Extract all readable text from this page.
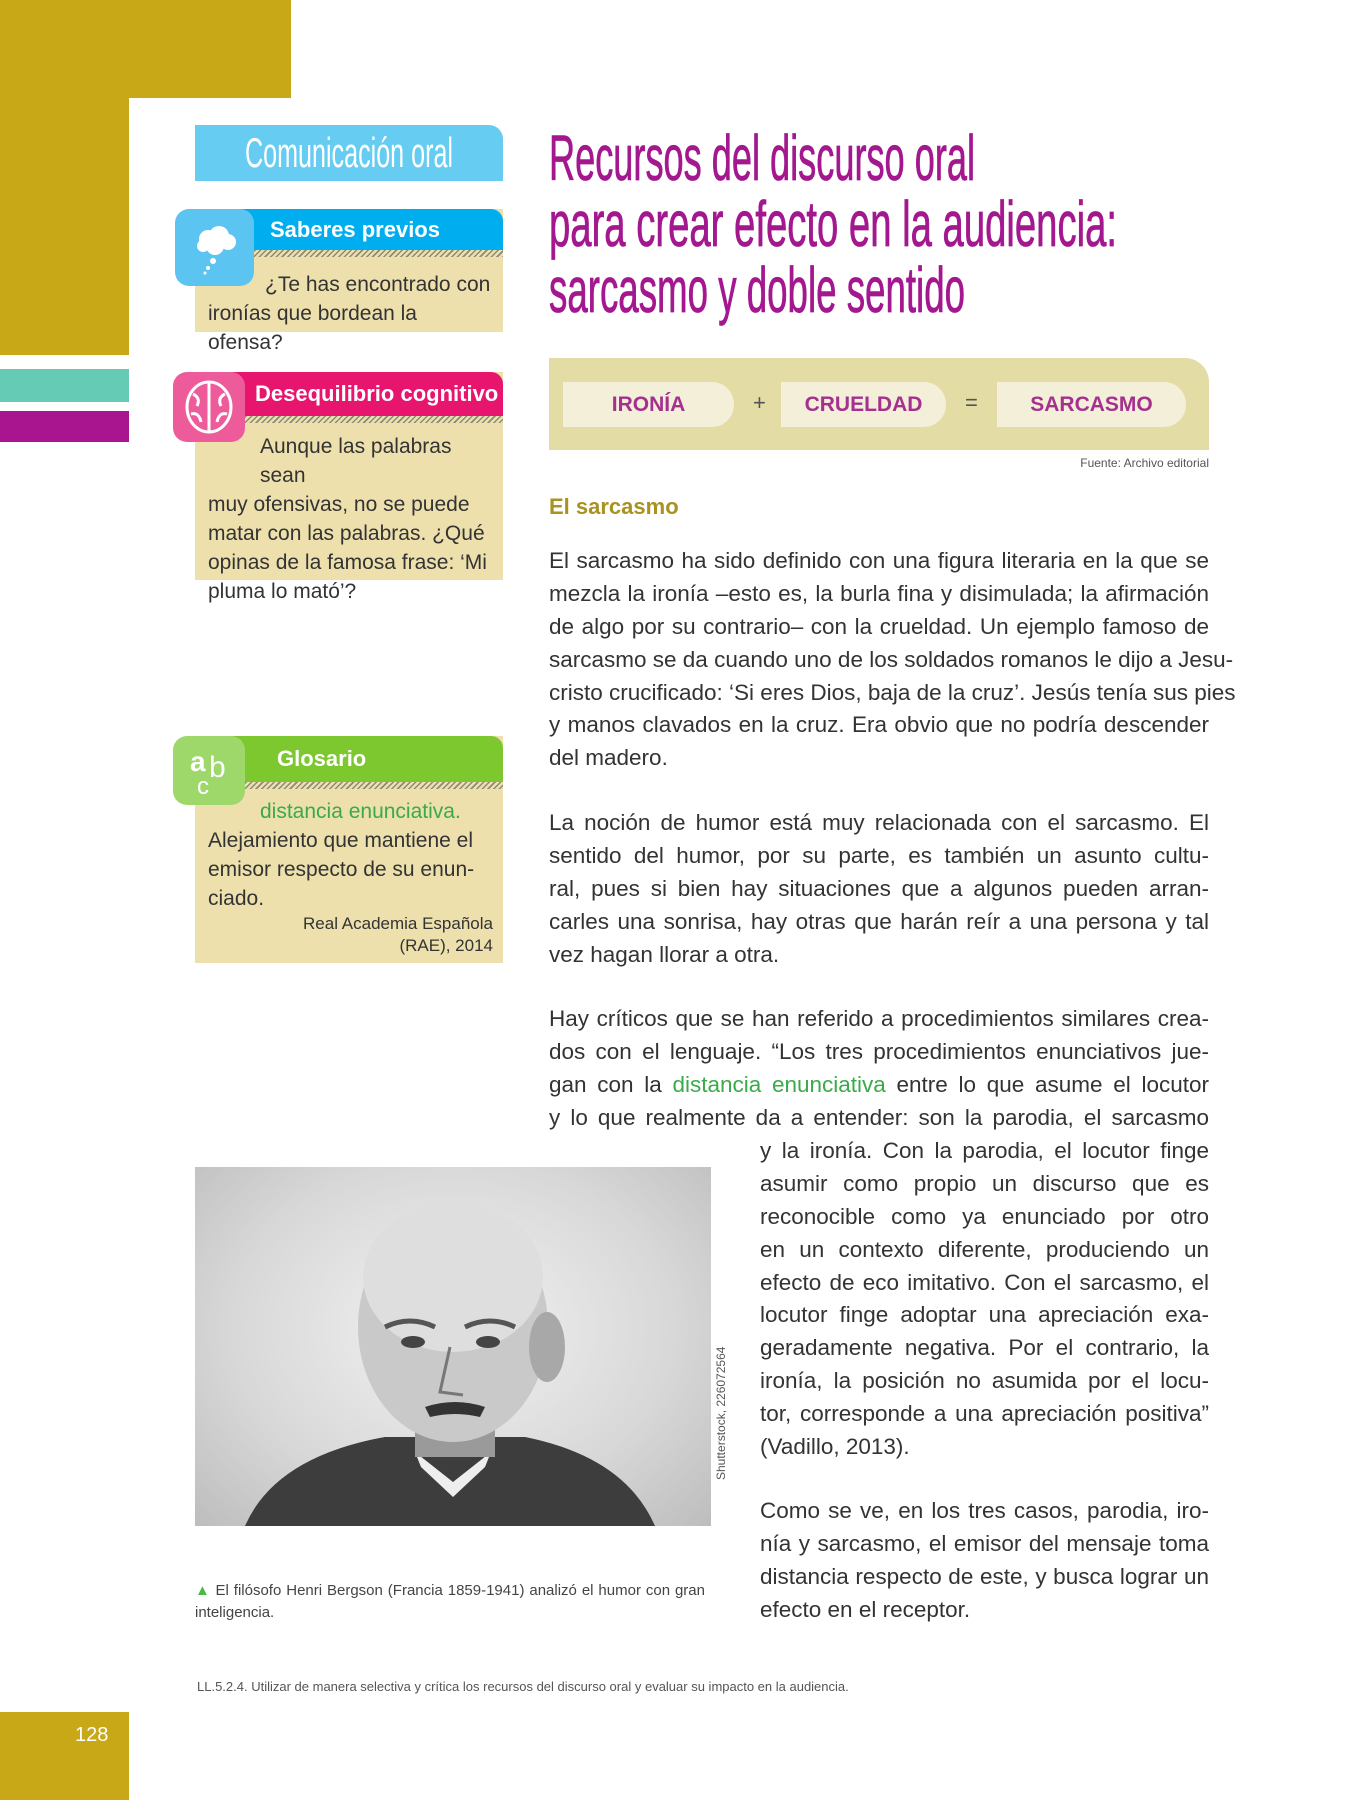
128
Comunicación oral
Saberes previos
¿Te has encontrado con
ironías que bordean la ofensa?
Desequilibrio cognitivo
Aunque las palabras sean
muy ofensivas, no se puede
matar con las palabras. ¿Qué
opinas de la famosa frase: ‘Mi
pluma lo mató’?
Glosario
a b
c
distancia enunciativa.
Alejamiento que mantiene el
emisor respecto de su enun-
ciado.
Real Academia Española
(RAE), 2014
Recursos del discurso oral
para crear efecto en la audiencia:
sarcasmo y doble sentido
IRONÍA	+	CRUELDAD	=	SARCASMO
Fuente: Archivo editorial
El sarcasmo
El sarcasmo ha sido definido con una figura literaria en la que se
mezcla la ironía –esto es, la burla fina y disimulada; la afirmación
de algo por su contrario– con la crueldad. Un ejemplo famoso de
sarcasmo se da cuando uno de los soldados romanos le dijo a Jesu-
cristo crucificado: ‘Si eres Dios, baja de la cruz’. Jesús tenía sus pies
y manos clavados en la cruz. Era obvio que no podría descender
del madero.
La noción de humor está muy relacionada con el sarcasmo. El
sentido del humor, por su parte, es también un asunto cultu-
ral, pues si bien hay situaciones que a algunos pueden arran-
carles una sonrisa, hay otras que harán reír a una persona y tal
vez hagan llorar a otra.
Hay críticos que se han referido a procedimientos similares crea-
dos con el lenguaje. “Los tres procedimientos enunciativos jue-
gan con la distancia enunciativa entre lo que asume el locutor
y lo que realmente da a entender: son la parodia, el sarcasmo
y la ironía. Con la parodia, el locutor finge
asumir como propio un discurso que es
reconocible como ya enunciado por otro
en un contexto diferente, produciendo un
efecto de eco imitativo. Con el sarcasmo, el
locutor finge adoptar una apreciación exa-
geradamente negativa. Por el contrario, la
ironía, la posición no asumida por el locu-
tor, corresponde a una apreciación positiva”
(Vadillo, 2013).
Como se ve, en los tres casos, parodia, iro-
nía y sarcasmo, el emisor del mensaje toma
distancia respecto de este, y busca lograr un
efecto en el receptor.
Shutterstock, 226072564
▲ El filósofo Henri Bergson (Francia 1859-1941) analizó el humor con gran inteligencia.
LL.5.2.4. Utilizar de manera selectiva y crítica los recursos del discurso oral y evaluar su impacto en la audiencia.
